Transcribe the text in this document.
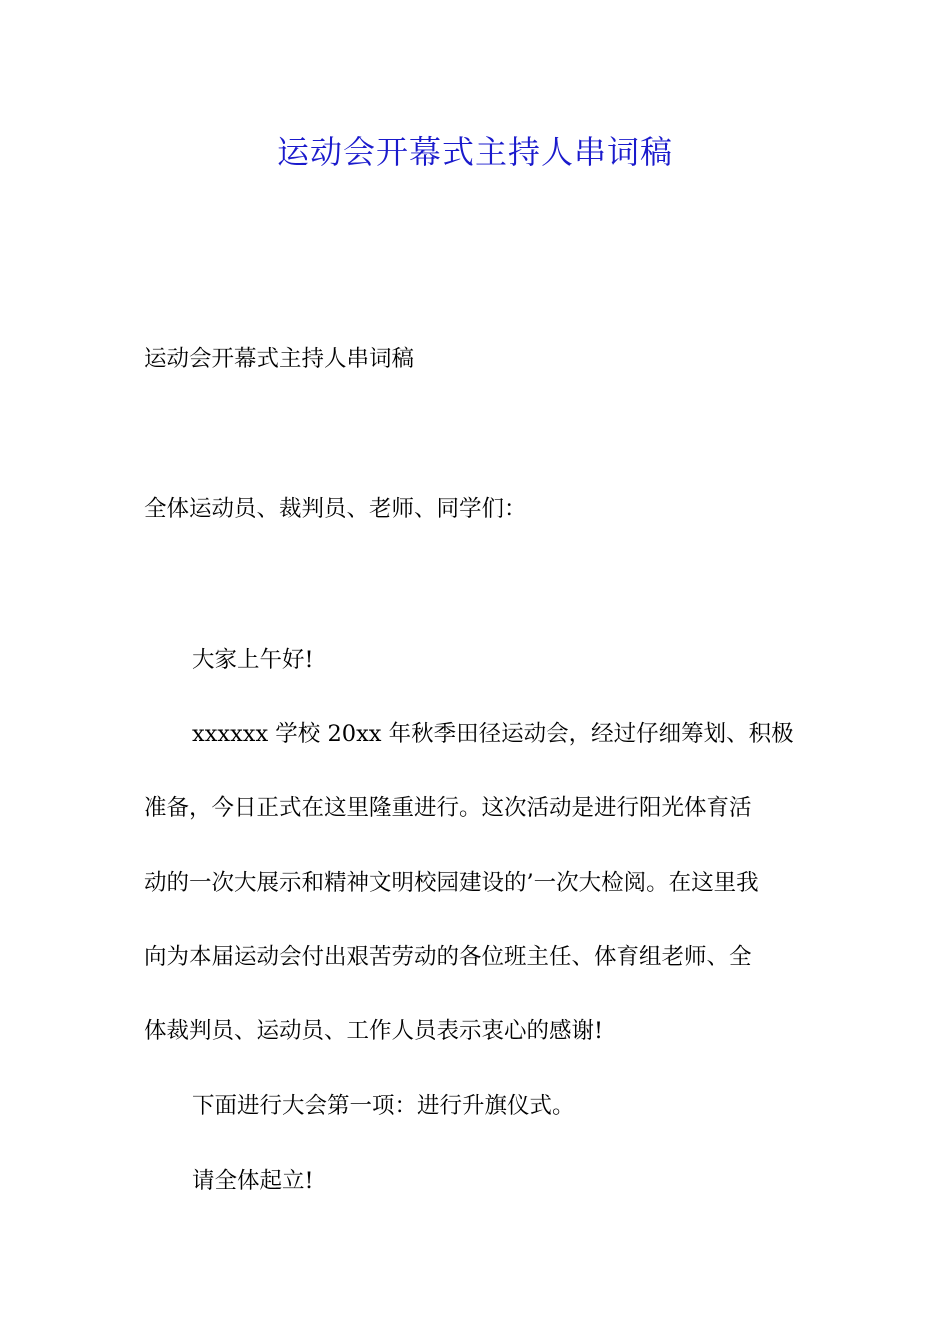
运动会开幕式主持人串词稿
运动会开幕式主持人串词稿
全体运动员、裁判员、老师、同学们：
大家上午好!
xxxxxx 学校 20xx 年秋季田径运动会，经过仔细筹划、积极
准备，今日正式在这里隆重进行。这次活动是进行阳光体育活
动的一次大展示和精神文明校园建设的’一次大检阅。在这里我
向为本届运动会付出艰苦劳动的各位班主任、体育组老师、全
体裁判员、运动员、工作人员表示衷心的感谢!
下面进行大会第一项：进行升旗仪式。
请全体起立!
